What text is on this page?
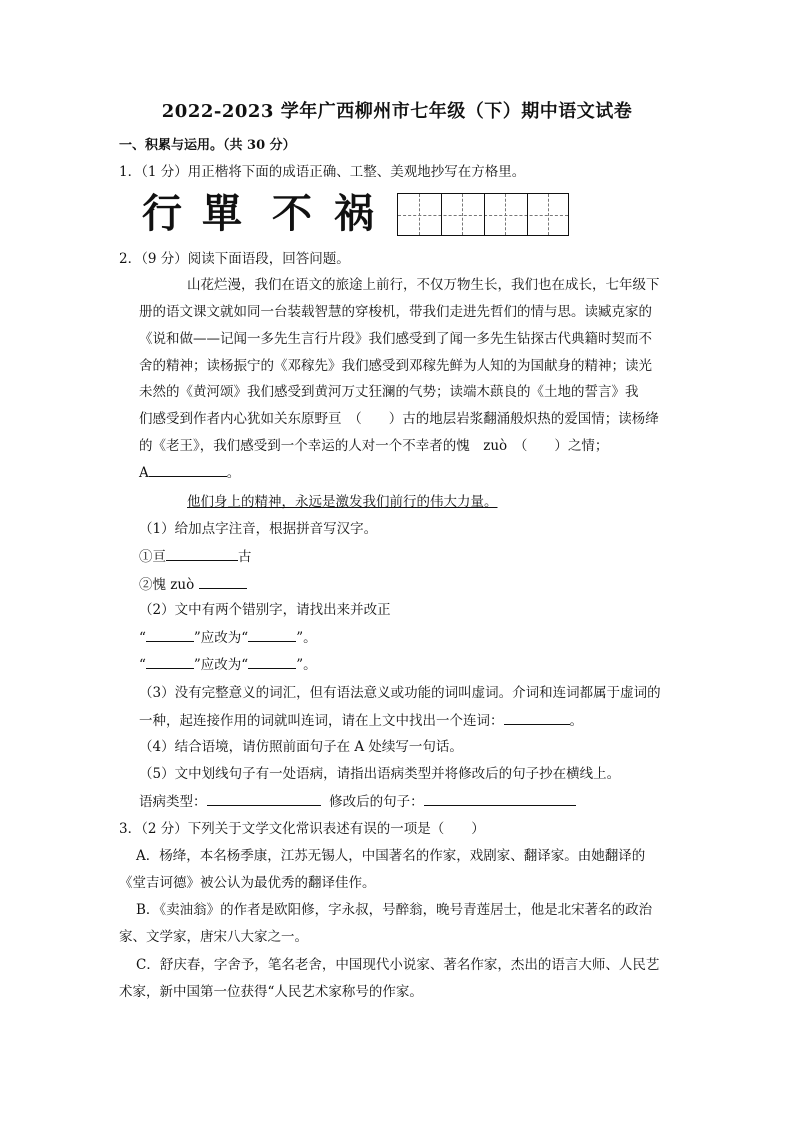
2022-2023 学年广西柳州市七年级（下）期中语文试卷
一、积累与运用。（共 30 分）
1．（1 分）用正楷将下面的成语正确、工整、美观地抄写在方格里。
行 單 不 祸
2．（9 分）阅读下面语段，回答问题。
山花烂漫，我们在语文的旅途上前行，不仅万物生长，我们也在成长，七年级下
册的语文课文就如同一台装载智慧的穿梭机，带我们走进先哲们的情与思。读臧克家的
《说和做——记闻一多先生言行片段》我们感受到了闻一多先生钻探古代典籍时契而不
舍的精神；读杨振宁的《邓稼先》我们感受到邓稼先鲜为人知的为国献身的精神；读光
未然的《黄河颂》我们感受到黄河万丈狂澜的气势；读端木蕻良的《土地的誓言》我
们感受到作者内心犹如关东原野亘　（　　）古的地层岩浆翻涌般炽热的爱国情；读杨绛
的《老王》，我们感受到一个幸运的人对一个不幸者的愧　zuò　（　　）之情；
A	。
他们身上的精神，永远是激发我们前行的伟大力量。
（1）给加点字注音，根据拼音写汉字。
①亘	古
②愧 zuò
（2）文中有两个错别字，请找出来并改正
“	”应改为“	”。
“	”应改为“	”。
（3）没有完整意义的词汇，但有语法意义或功能的词叫虚词。介词和连词都属于虚词的
一种，起连接作用的词就叫连词，请在上文中找出一个连词：	。
（4）结合语境，请仿照前面句子在 A 处续写一句话。
（5）文中划线句子有一处语病，请指出语病类型并将修改后的句子抄在横线上。
语病类型：	修改后的句子：
3．（2 分）下列关于文学文化常识表述有误的一项是（　　）
A．杨绛，本名杨季康，江苏无锡人，中国著名的作家，戏剧家、翻译家。由她翻译的
《堂吉诃德》被公认为最优秀的翻译佳作。
B．《卖油翁》的作者是欧阳修，字永叔，号醉翁，晚号青莲居士，他是北宋著名的政治
家、文学家，唐宋八大家之一。
C．舒庆春，字舍予，笔名老舍，中国现代小说家、著名作家，杰出的语言大师、人民艺
术家，新中国第一位获得“人民艺术家称号的作家。
